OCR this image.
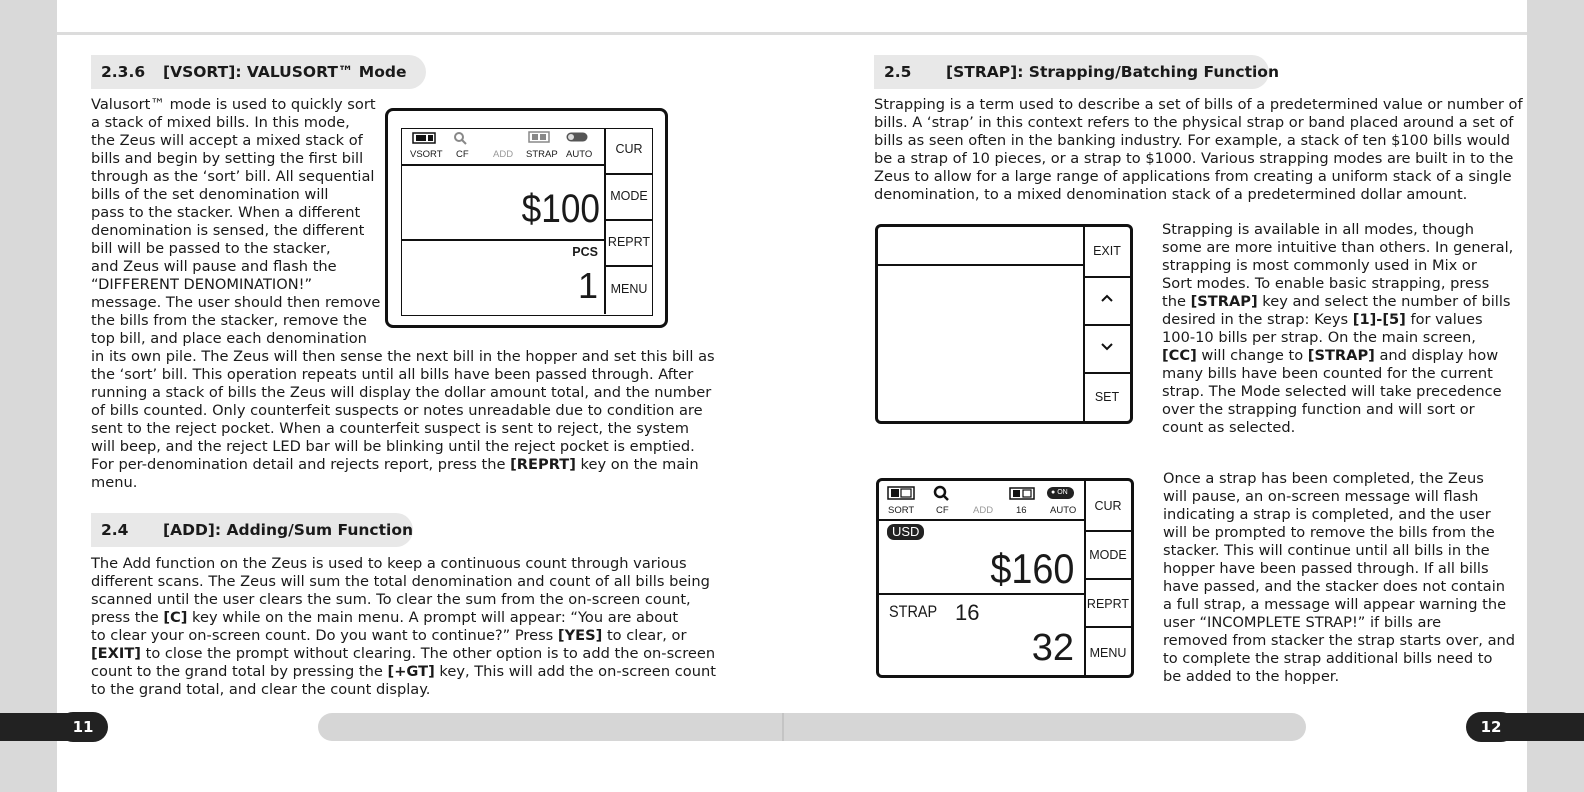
2.3.6 [VSORT]: VALUSORT™ Mode
Valusort™ mode is used to quickly sort
a stack of mixed bills. In this mode,
the Zeus will accept a mixed stack of
bills and begin by setting the first bill
through as the ‘sort’ bill. All sequential
bills of the set denomination will
pass to the stacker. When a different
denomination is sensed, the different
bill will be passed to the stacker,
and Zeus will pause and flash the
“DIFFERENT DENOMINATION!”
message. The user should then remove
the bills from the stacker, remove the
top bill, and place each denomination
in its own pile. The Zeus will then sense the next bill in the hopper and set this bill as
the ‘sort’ bill. This operation repeats until all bills have been passed through. After
running a stack of bills the Zeus will display the dollar amount total, and the number
of bills counted. Only counterfeit suspects or notes unreadable due to condition are
sent to the reject pocket. When a counterfeit suspect is sent to reject, the system
will beep, and the reject LED bar will be blinking until the reject pocket is emptied.
For per-denomination detail and rejects report, press the [REPRT] key on the main
menu.
VSORT CF	ADD STRAP AUTO
$100
PCS
1
CUR
MODE
REPRT
MENU
2.4 [ADD]: Adding/Sum Function
The Add function on the Zeus is used to keep a continuous count through various
different scans. The Zeus will sum the total denomination and count of all bills being
scanned until the user clears the sum. To clear the sum from the on-screen count,
press the [C] key while on the main menu. A prompt will appear: “You are about
to clear your on-screen count. Do you want to continue?” Press [YES] to clear, or
[EXIT] to close the prompt without clearing. The other option is to add the on-screen
count to the grand total by pressing the [+GT] key, This will add the on-screen count
to the grand total, and clear the count display.
2.5 [STRAP]: Strapping/Batching Function
Strapping is a term used to describe a set of bills of a predetermined value or number of
bills. A ‘strap’ in this context refers to the physical strap or band placed around a set of
bills as seen often in the banking industry. For example, a stack of ten $100 bills would
be a strap of 10 pieces, or a strap to $1000. Various strapping modes are built in to the
Zeus to allow for a large range of applications from creating a uniform stack of a single
denomination, to a mixed denomination stack of a predetermined dollar amount.
EXIT
SET
Strapping is available in all modes, though
some are more intuitive than others. In general,
strapping is most commonly used in Mix or
Sort modes. To enable basic strapping, press
the [STRAP] key and select the number of bills
desired in the strap: Keys [1]-[5] for values
100-10 bills per strap. On the main screen,
[CC] will change to [STRAP] and display how
many bills have been counted for the current
strap. The Mode selected will take precedence
over the strapping function and will sort or
count as selected.
● ON
SORT CF	ADD 16 AUTO
USD
$160
STRAP 16
32
CUR
MODE
REPRT
MENU
Once a strap has been completed, the Zeus
will pause, an on-screen message will flash
indicating a strap is completed, and the user
will be prompted to remove the bills from the
stacker. This will continue until all bills in the
hopper have been passed through. If all bills
have passed, and the stacker does not contain
a full strap, a message will appear warning the
user “INCOMPLETE STRAP!” if bills are
removed from stacker the strap starts over, and
to complete the strap additional bills need to
be added to the hopper.
11	12
